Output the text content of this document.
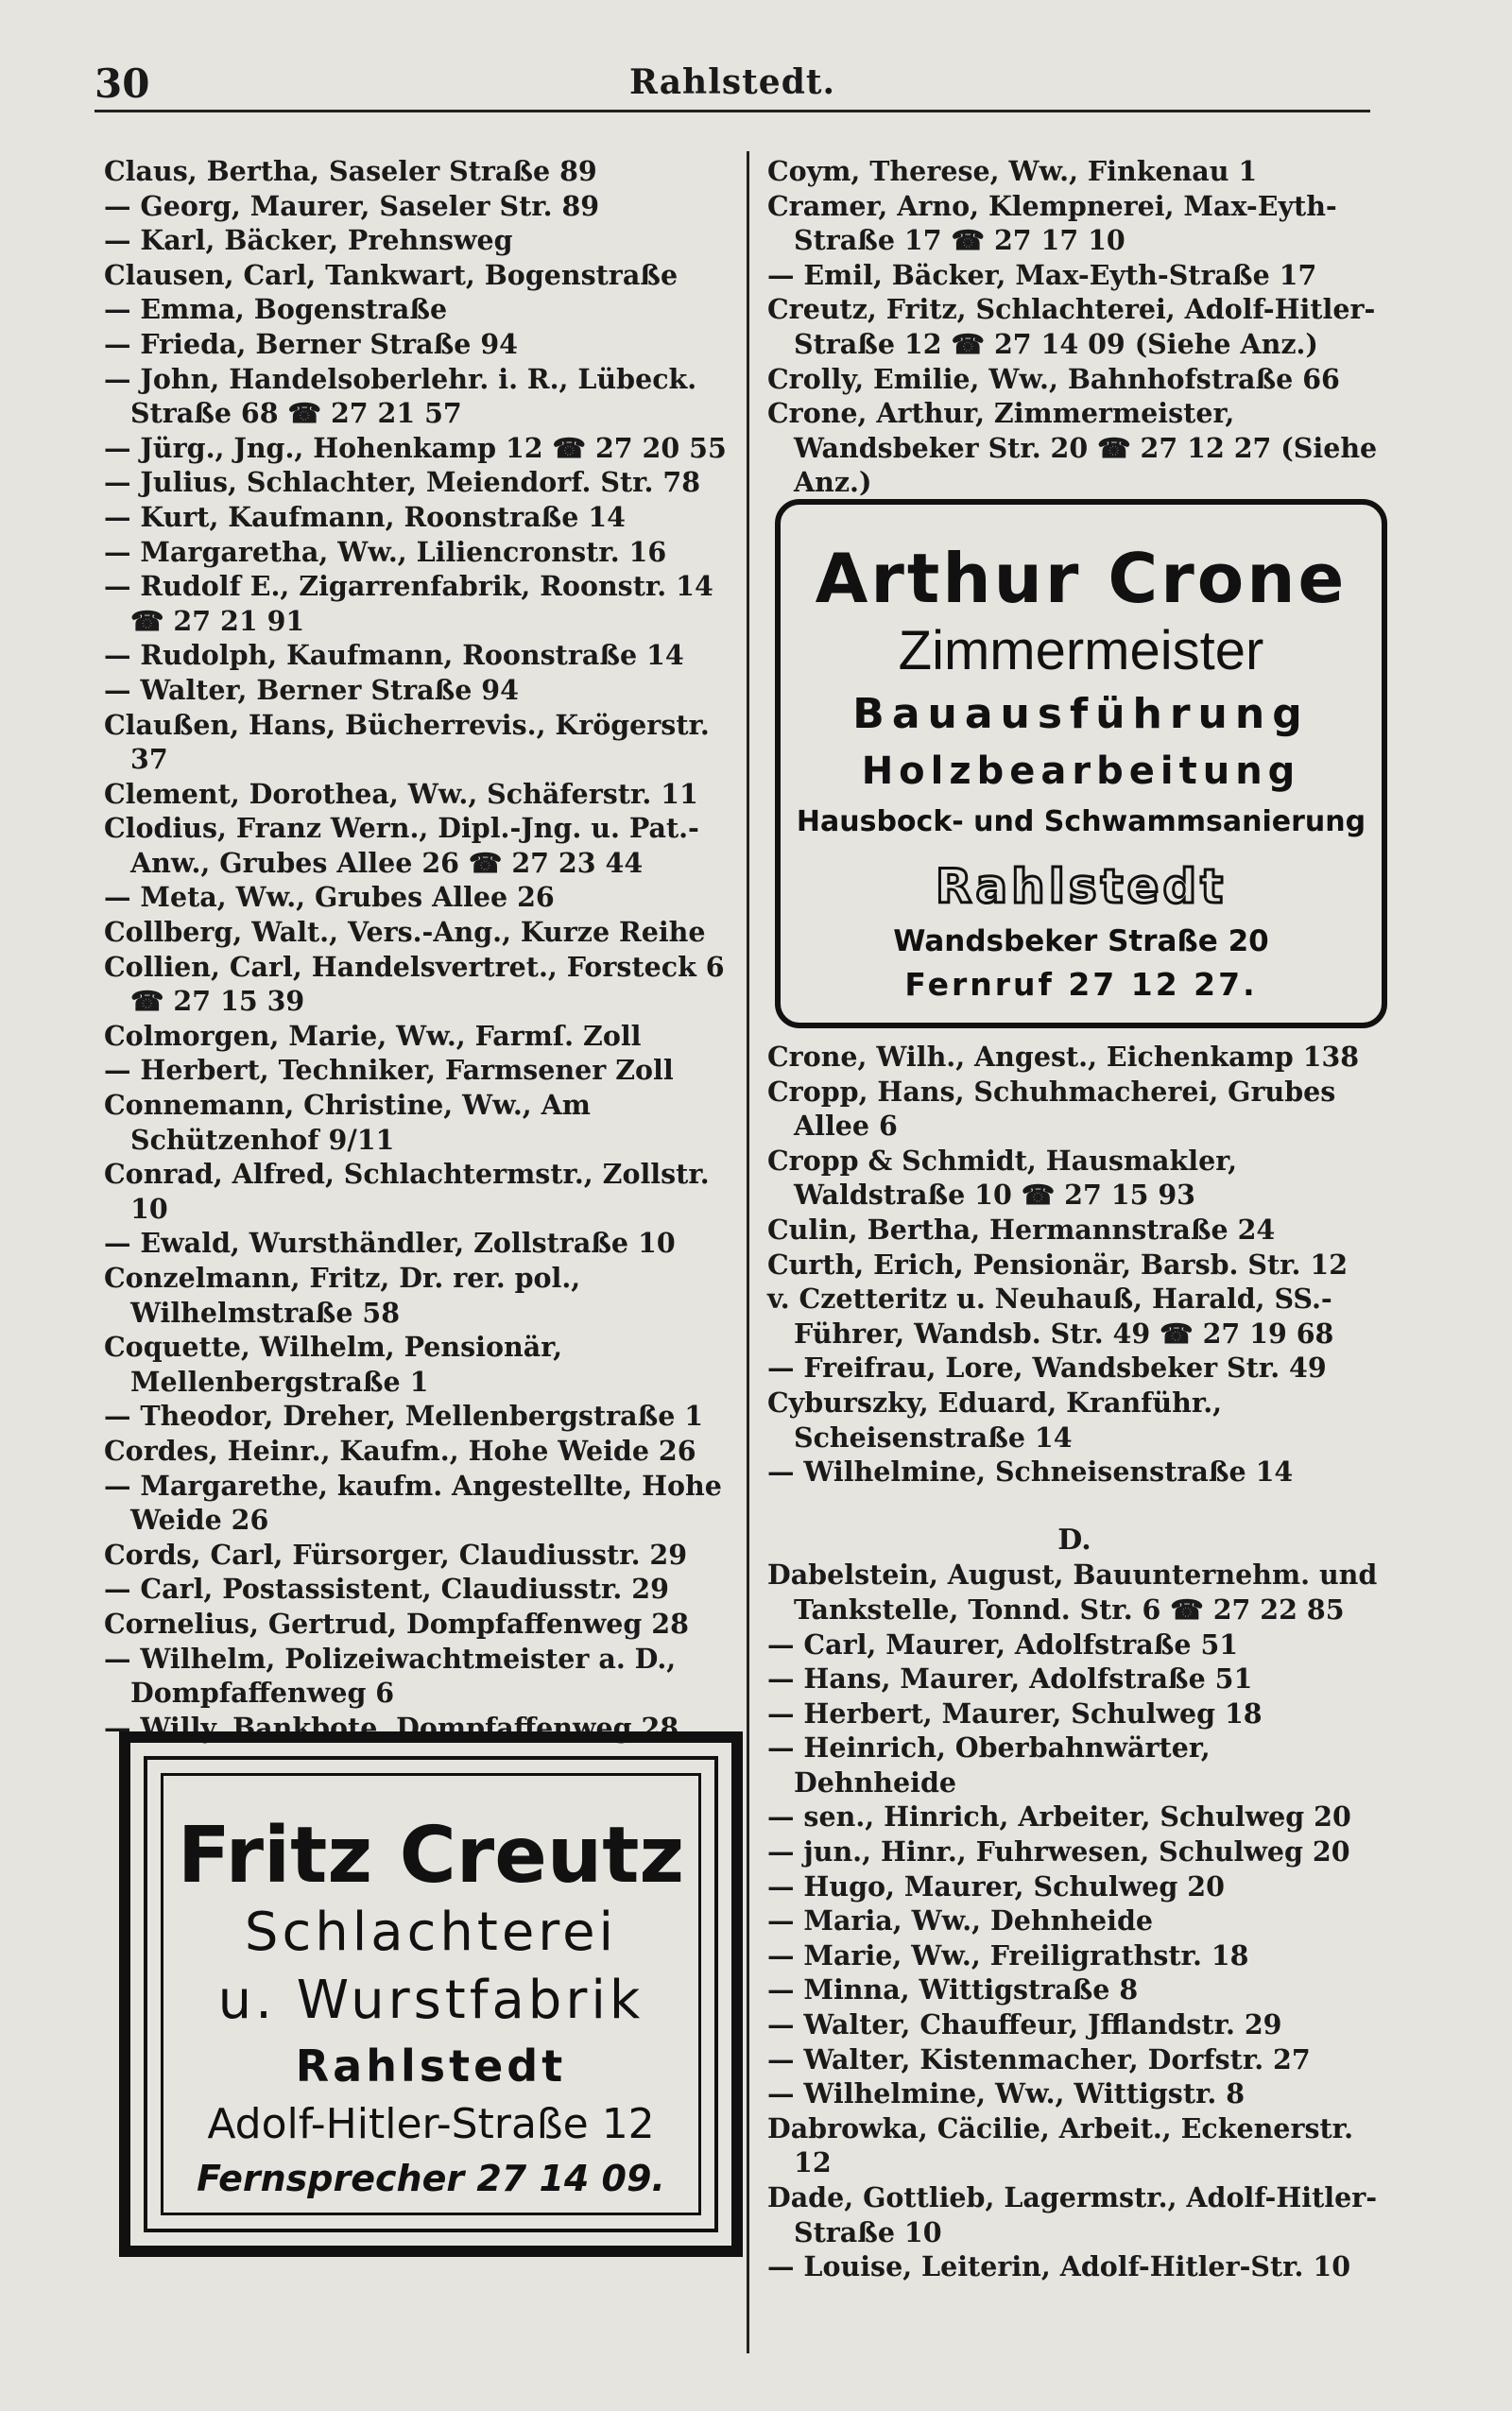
30	Rahlstedt.
Claus, Bertha, Saseler Straße 89
— Georg, Maurer, Saseler Str. 89
— Karl, Bäcker, Prehnsweg
Clausen, Carl, Tankwart, Bogenstraße
— Emma, Bogenstraße
— Frieda, Berner Straße 94
— John, Handelsoberlehr. i. R., Lübeck. Straße 68 ☎ 27 21 57
— Jürg., Jng., Hohenkamp 12 ☎ 27 20 55
— Julius, Schlachter, Meiendorf. Str. 78
— Kurt, Kaufmann, Roonstraße 14
— Margaretha, Ww., Liliencronstr. 16
— Rudolf E., Zigarrenfabrik, Roonstr. 14 ☎ 27 21 91
— Rudolph, Kaufmann, Roonstraße 14
— Walter, Berner Straße 94
Claußen, Hans, Bücherrevis., Krögerstr. 37
Clement, Dorothea, Ww., Schäferstr. 11
Clodius, Franz Wern., Dipl.-Jng. u. Pat.-Anw., Grubes Allee 26 ☎ 27 23 44
— Meta, Ww., Grubes Allee 26
Collberg, Walt., Vers.-Ang., Kurze Reihe
Collien, Carl, Handelsvertret., Forsteck 6 ☎ 27 15 39
Colmorgen, Marie, Ww., Farmſ. Zoll
— Herbert, Techniker, Farmsener Zoll
Connemann, Christine, Ww., Am Schützenhof 9/11
Conrad, Alfred, Schlachtermstr., Zollstr. 10
— Ewald, Wursthändler, Zollstraße 10
Conzelmann, Fritz, Dr. rer. pol., Wilhelmstraße 58
Coquette, Wilhelm, Pensionär, Mellenbergstraße 1
— Theodor, Dreher, Mellenbergstraße 1
Cordes, Heinr., Kaufm., Hohe Weide 26
— Margarethe, kaufm. Angestellte, Hohe Weide 26
Cords, Carl, Fürsorger, Claudiusstr. 29
— Carl, Postassistent, Claudiusstr. 29
Cornelius, Gertrud, Dompfaffenweg 28
— Wilhelm, Polizeiwachtmeister a. D., Dompfaffenweg 6
— Willy, Bankbote, Dompfaffenweg 28
Coym, Therese, Ww., Finkenau 1
Cramer, Arno, Klempnerei, Max-Eyth-Straße 17 ☎ 27 17 10
— Emil, Bäcker, Max-Eyth-Straße 17
Creutz, Fritz, Schlachterei, Adolf-Hitler-Straße 12 ☎ 27 14 09 (Siehe Anz.)
Crolly, Emilie, Ww., Bahnhofstraße 66
Crone, Arthur, Zimmermeister, Wandsbeker Str. 20 ☎ 27 12 27 (Siehe Anz.)
Arthur Crone
Zimmermeister
Bauausführung
Holzbearbeitung
Hausbock- und Schwammsanierung
Rahlstedt
Wandsbeker Straße 20
Fernruf 27 12 27.
Crone, Wilh., Angest., Eichenkamp 138
Cropp, Hans, Schuhmacherei, Grubes Allee 6
Cropp & Schmidt, Hausmakler, Waldstraße 10 ☎ 27 15 93
Culin, Bertha, Hermannstraße 24
Curth, Erich, Pensionär, Barsb. Str. 12
v. Czetteritz u. Neuhauß, Harald, SS.-Führer, Wandsb. Str. 49 ☎ 27 19 68
— Freifrau, Lore, Wandsbeker Str. 49
Cyburszky, Eduard, Kranführ., Scheisenstraße 14
— Wilhelmine, Schneisenstraße 14
D.
Dabelstein, August, Bauunternehm. und Tankstelle, Tonnd. Str. 6 ☎ 27 22 85
— Carl, Maurer, Adolfstraße 51
— Hans, Maurer, Adolfstraße 51
— Herbert, Maurer, Schulweg 18
— Heinrich, Oberbahnwärter, Dehnheide
— sen., Hinrich, Arbeiter, Schulweg 20
— jun., Hinr., Fuhrwesen, Schulweg 20
— Hugo, Maurer, Schulweg 20
— Maria, Ww., Dehnheide
— Marie, Ww., Freiligrathstr. 18
— Minna, Wittigstraße 8
— Walter, Chauffeur, Jfflandstr. 29
— Walter, Kistenmacher, Dorfstr. 27
— Wilhelmine, Ww., Wittigstr. 8
Dabrowka, Cäcilie, Arbeit., Eckenerstr. 12
Dade, Gottlieb, Lagermstr., Adolf-Hitler-Straße 10
— Louise, Leiterin, Adolf-Hitler-Str. 10
Fritz Creutz
Schlachterei
u. Wurstfabrik
Rahlstedt
Adolf-Hitler-Straße 12
Fernsprecher 27 14 09.
